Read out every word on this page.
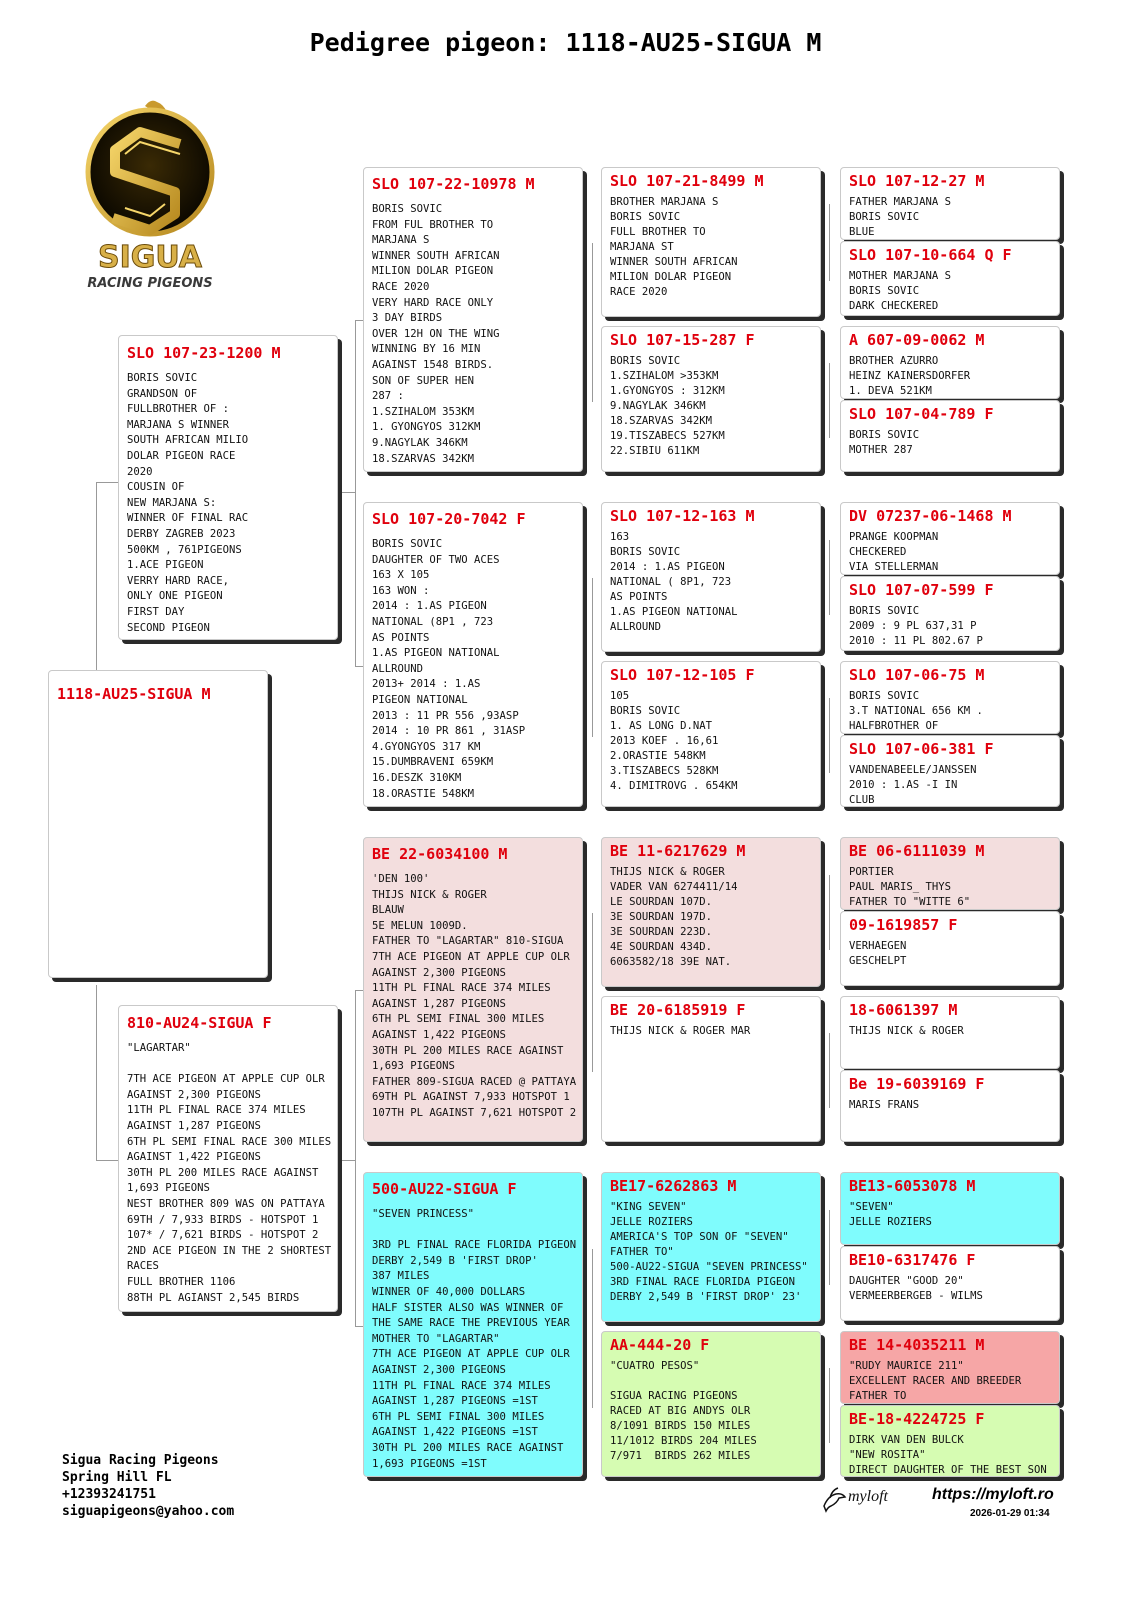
Pedigree pigeon: 1118-AU25-SIGUA M
SIGUA
RACING PIGEONS
1118-AU25-SIGUA M
SLO 107-23-1200 M
BORIS SOVIC
GRANDSON OF
FULLBROTHER OF :
MARJANA S WINNER
SOUTH AFRICAN MILIO
DOLAR PIGEON RACE
2020
COUSIN OF
NEW MARJANA S:
WINNER OF FINAL RAC
DERBY ZAGREB 2023
500KM , 761PIGEONS
1.ACE PIGEON
VERRY HARD RACE,
ONLY ONE PIGEON
FIRST DAY
SECOND PIGEON
810-AU24-SIGUA F
"LAGARTAR"

7TH ACE PIGEON AT APPLE CUP OLR
AGAINST 2,300 PIGEONS
11TH PL FINAL RACE 374 MILES
AGAINST 1,287 PIGEONS
6TH PL SEMI FINAL RACE 300 MILES
AGAINST 1,422 PIGEONS
30TH PL 200 MILES RACE AGAINST
1,693 PIGEONS
NEST BROTHER 809 WAS ON PATTAYA
69TH / 7,933 BIRDS - HOTSPOT 1
107* / 7,621 BIRDS - HOTSPOT 2
2ND ACE PIGEON IN THE 2 SHORTEST
RACES
FULL BROTHER 1106
88TH PL AGIANST 2,545 BIRDS
SLO 107-22-10978 M
BORIS SOVIC
FROM FUL BROTHER TO
MARJANA S
WINNER SOUTH AFRICAN
MILION DOLAR PIGEON
RACE 2020
VERY HARD RACE ONLY
3 DAY BIRDS
OVER 12H ON THE WING
WINNING BY 16 MIN
AGAINST 1548 BIRDS.
SON OF SUPER HEN
287 :
1.SZIHALOM 353KM
1. GYONGYOS 312KM
9.NAGYLAK 346KM
18.SZARVAS 342KM
SLO 107-20-7042 F
BORIS SOVIC
DAUGHTER OF TWO ACES
163 X 105
163 WON :
2014 : 1.AS PIGEON
NATIONAL (8P1 , 723
AS POINTS
1.AS PIGEON NATIONAL
ALLROUND
2013+ 2014 : 1.AS
PIGEON NATIONAL
2013 : 11 PR 556 ,93ASP
2014 : 10 PR 861 , 31ASP
4.GYONGYOS 317 KM
15.DUMBRAVENI 659KM
16.DESZK 310KM
18.ORASTIE 548KM
BE 22-6034100 M
'DEN 100'
THIJS NICK & ROGER
BLAUW
5E MELUN 1009D.
FATHER TO "LAGARTAR" 810-SIGUA
7TH ACE PIGEON AT APPLE CUP OLR
AGAINST 2,300 PIGEONS
11TH PL FINAL RACE 374 MILES
AGAINST 1,287 PIGEONS
6TH PL SEMI FINAL 300 MILES
AGAINST 1,422 PIGEONS
30TH PL 200 MILES RACE AGAINST
1,693 PIGEONS
FATHER 809-SIGUA RACED @ PATTAYA
69TH PL AGAINST 7,933 HOTSPOT 1
107TH PL AGAINST 7,621 HOTSPOT 2
500-AU22-SIGUA F
"SEVEN PRINCESS"

3RD PL FINAL RACE FLORIDA PIGEON
DERBY 2,549 B 'FIRST DROP'
387 MILES
WINNER OF 40,000 DOLLARS
HALF SISTER ALSO WAS WINNER OF
THE SAME RACE THE PREVIOUS YEAR
MOTHER TO "LAGARTAR"
7TH ACE PIGEON AT APPLE CUP OLR
AGAINST 2,300 PIGEONS
11TH PL FINAL RACE 374 MILES
AGAINST 1,287 PIGEONS =1ST
6TH PL SEMI FINAL 300 MILES
AGAINST 1,422 PIGEONS =1ST
30TH PL 200 MILES RACE AGAINST
1,693 PIGEONS =1ST
SLO 107-21-8499 M
BROTHER MARJANA S
BORIS SOVIC
FULL BROTHER TO
MARJANA ST
WINNER SOUTH AFRICAN
MILION DOLAR PIGEON
RACE 2020
SLO 107-15-287 F
BORIS SOVIC
1.SZIHALOM >353KM
1.GYONGYOS : 312KM
9.NAGYLAK 346KM
18.SZARVAS 342KM
19.TISZABECS 527KM
22.SIBIU 611KM
SLO 107-12-163 M
163
BORIS SOVIC
2014 : 1.AS PIGEON
NATIONAL ( 8P1, 723
AS POINTS
1.AS PIGEON NATIONAL
ALLROUND
SLO 107-12-105 F
105
BORIS SOVIC
1. AS LONG D.NAT
2013 KOEF . 16,61
2.ORASTIE 548KM
3.TISZABECS 528KM
4. DIMITROVG . 654KM
BE 11-6217629 M
THIJS NICK & ROGER
VADER VAN 6274411/14
LE SOURDAN 107D.
3E SOURDAN 197D.
3E SOURDAN 223D.
4E SOURDAN 434D.
6063582/18 39E NAT.
BE 20-6185919 F
THIJS NICK & ROGER MAR
BE17-6262863 M
"KING SEVEN"
JELLE ROZIERS
AMERICA'S TOP SON OF "SEVEN"
FATHER TO"
500-AU22-SIGUA "SEVEN PRINCESS"
3RD FINAL RACE FLORIDA PIGEON
DERBY 2,549 B 'FIRST DROP' 23'
AA-444-20 F
"CUATRO PESOS"

SIGUA RACING PIGEONS
RACED AT BIG ANDYS OLR
8/1091 BIRDS 150 MILES
11/1012 BIRDS 204 MILES
7/971  BIRDS 262 MILES
SLO 107-12-27 M
FATHER MARJANA S
BORIS SOVIC
BLUE
SLO 107-10-664 Q F
MOTHER MARJANA S
BORIS SOVIC
DARK CHECKERED
A 607-09-0062 M
BROTHER AZURRO
HEINZ KAINERSDORFER
1. DEVA 521KM
SLO 107-04-789 F
BORIS SOVIC
MOTHER 287
DV 07237-06-1468 M
PRANGE KOOPMAN
CHECKERED
VIA STELLERMAN
SLO 107-07-599 F
BORIS SOVIC
2009 : 9 PL 637,31 P
2010 : 11 PL 802.67 P
SLO 107-06-75 M
BORIS SOVIC
3.T NATIONAL 656 KM .
HALFBROTHER OF
SLO 107-06-381 F
VANDENABEELE/JANSSEN
2010 : 1.AS -I IN
CLUB
BE 06-6111039 M
PORTIER
PAUL MARIS_ THYS
FATHER TO "WITTE 6"
09-1619857 F
VERHAEGEN
GESCHELPT
18-6061397 M
THIJS NICK & ROGER
Be 19-6039169 F
MARIS FRANS
BE13-6053078 M
"SEVEN"
JELLE ROZIERS
BE10-6317476 F
DAUGHTER "GOOD 20"
VERMEERBERGEB - WILMS
BE 14-4035211 M
"RUDY MAURICE 211"
EXCELLENT RACER AND BREEDER
FATHER TO
BE-18-4224725 F
DIRK VAN DEN BULCK
"NEW ROSITA"
DIRECT DAUGHTER OF THE BEST SON
Sigua Racing Pigeons
Spring Hill FL
+12393241751
siguapigeons@yahoo.com
myloft	https://myloft.ro
2026-01-29 01:34
